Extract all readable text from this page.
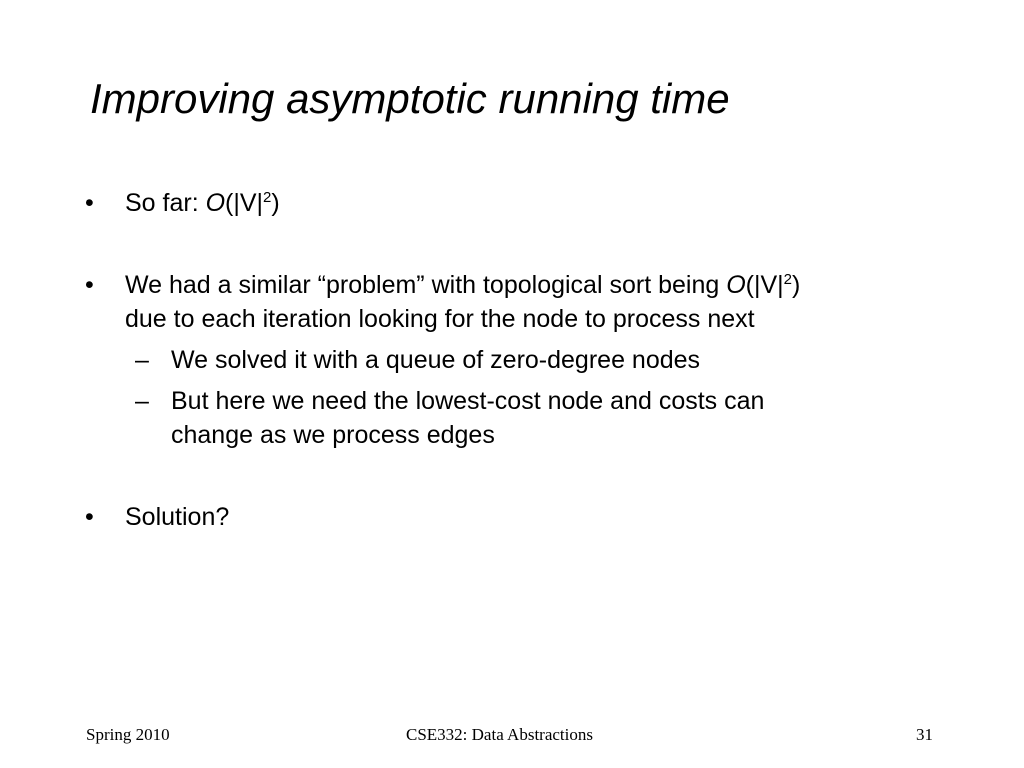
Improving asymptotic running time
• So far: $O(|V|^2)$
• We had a similar “problem” with topological sort being $O(|V|^2)$
due to each iteration looking for the node to process next
– We solved it with a queue of zero-degree nodes
– But here we need the lowest-cost node and costs can
change as we process edges
• Solution?
Spring 2010	CSE332: Data Abstractions	31
